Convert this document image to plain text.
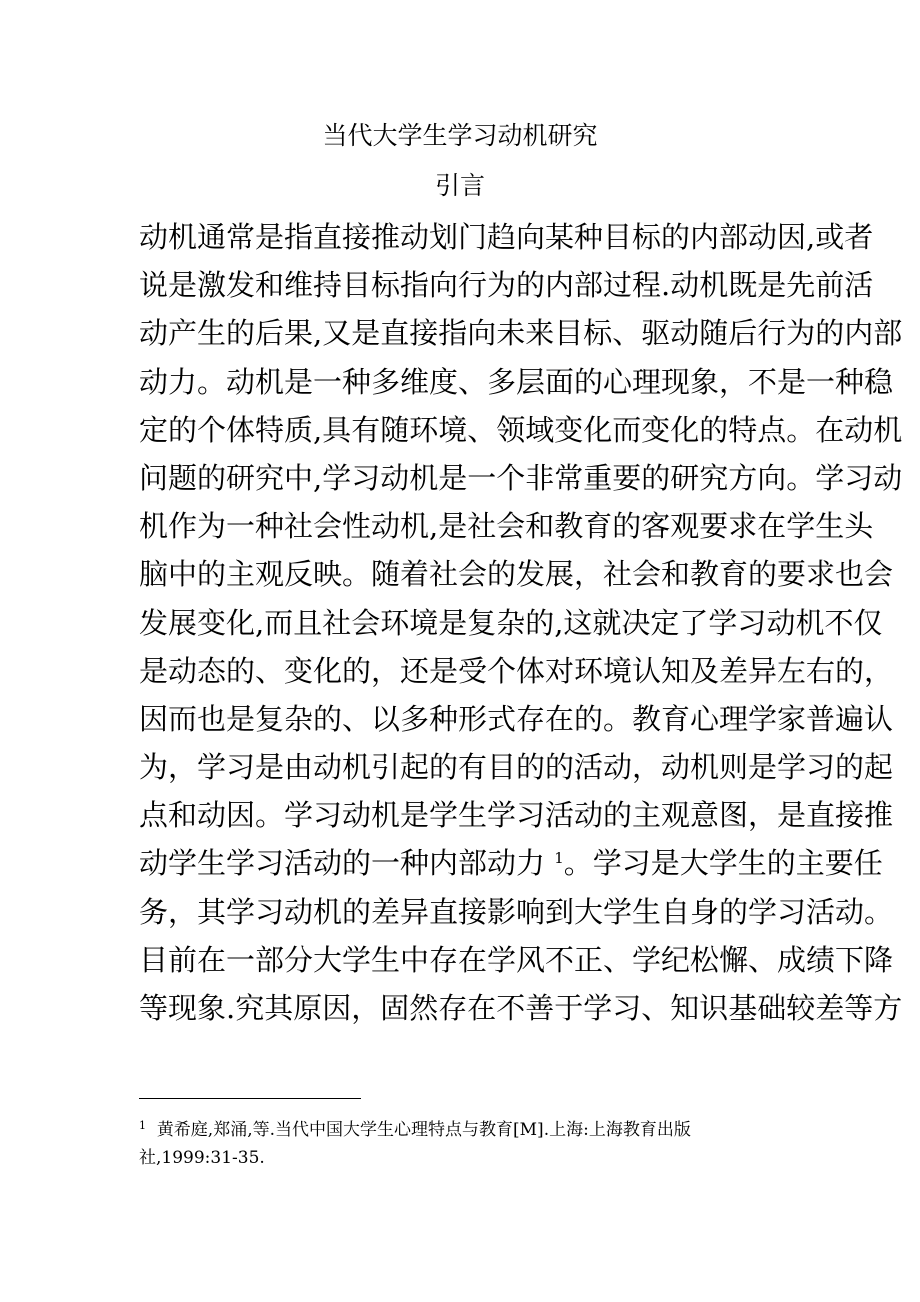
当代大学生学习动机研究
引言
动机通常是指直接推动划门趋向某种目标的内部动因,或者
说是激发和维持目标指向行为的内部过程.动机既是先前活
动产生的后果,又是直接指向未来目标、驱动随后行为的内部
动力。动机是一种多维度、多层面的心理现象，不是一种稳
定的个体特质,具有随环境、领域变化而变化的特点。在动机
问题的研究中,学习动机是一个非常重要的研究方向。学习动
机作为一种社会性动机,是社会和教育的客观要求在学生头
脑中的主观反映。随着社会的发展，社会和教育的要求也会
发展变化,而且社会环境是复杂的,这就决定了学习动机不仅
是动态的、变化的，还是受个体对环境认知及差异左右的，
因而也是复杂的、以多种形式存在的。教育心理学家普遍认
为，学习是由动机引起的有目的的活动，动机则是学习的起
点和动因。学习动机是学生学习活动的主观意图，是直接推
动学生学习活动的一种内部动力 $^1$。学习是大学生的主要任
务，其学习动机的差异直接影响到大学生自身的学习活动。
目前在一部分大学生中存在学风不正、学纪松懈、成绩下降
等现象.究其原因，固然存在不善于学习、知识基础较差等方
$^1$ 黄希庭,郑涌,等.当代中国大学生心理特点与教育[M].上海:上海教育出版
社,1999:31-35.
